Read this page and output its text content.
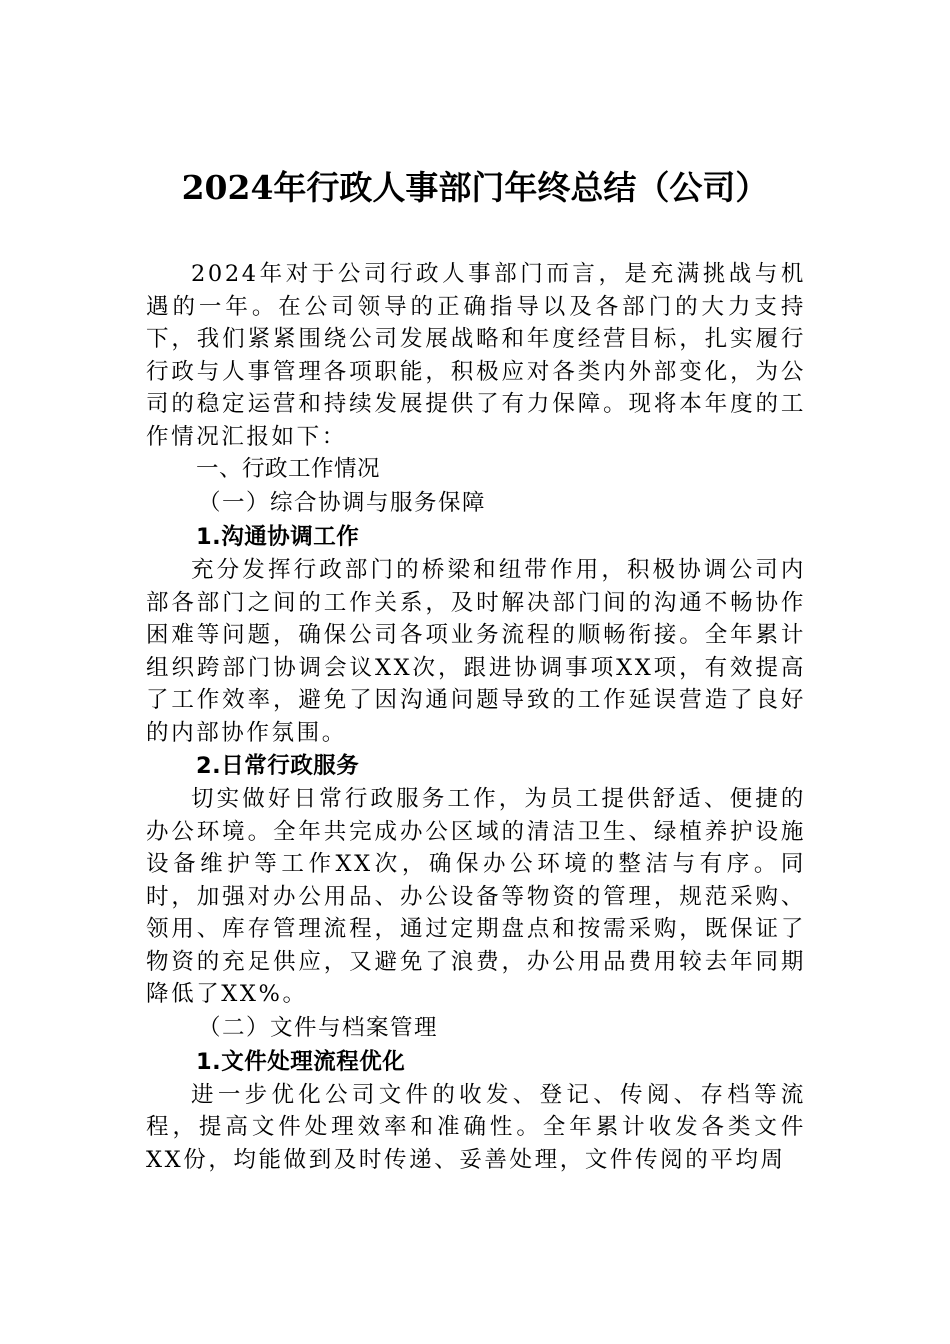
2024年行政人事部门年终总结（公司）

2024年对于公司行政人事部门而言，是充满挑战与机遇的一年。在公司领导的正确指导以及各部门的大力支持下，我们紧紧围绕公司发展战略和年度经营目标，扎实履行行政与人事管理各项职能，积极应对各类内外部变化，为公司的稳定运营和持续发展提供了有力保障。现将本年度的工作情况汇报如下：

一、行政工作情况

（一）综合协调与服务保障

1.沟通协调工作

充分发挥行政部门的桥梁和纽带作用，积极协调公司内部各部门之间的工作关系，及时解决部门间的沟通不畅协作困难等问题，确保公司各项业务流程的顺畅衔接。全年累计组织跨部门协调会议XX次，跟进协调事项XX项，有效提高了工作效率，避免了因沟通问题导致的工作延误营造了良好的内部协作氛围。

2.日常行政服务

切实做好日常行政服务工作，为员工提供舒适、便捷的办公环境。全年共完成办公区域的清洁卫生、绿植养护设施设备维护等工作XX次，确保办公环境的整洁与有序。同时，加强对办公用品、办公设备等物资的管理，规范采购、领用、库存管理流程，通过定期盘点和按需采购，既保证了物资的充足供应，又避免了浪费，办公用品费用较去年同期降低了XX%。

（二）文件与档案管理

1.文件处理流程优化

进一步优化公司文件的收发、登记、传阅、存档等流程，提高文件处理效率和准确性。全年累计收发各类文件XX份，均能做到及时传递、妥善处理，文件传阅的平均周
